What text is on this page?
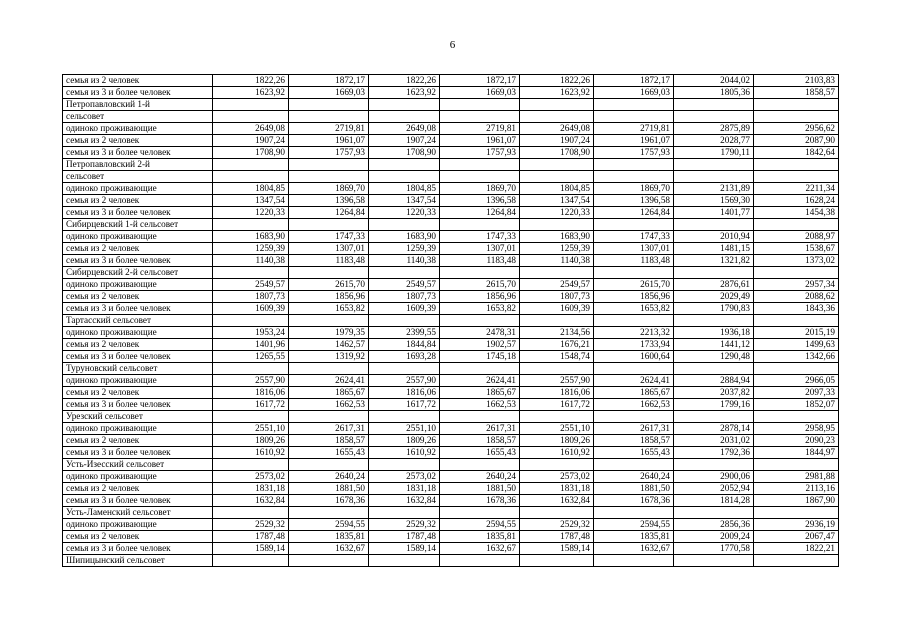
6
семья из 2 человек	1822,26	1872,17	1822,26	1872,17	1822,26	1872,17	2044,02	2103,83
семья из 3 и более человек	1623,92	1669,03	1623,92	1669,03	1623,92	1669,03	1805,36	1858,57
Петропавловский 1-й								
сельсовет								
одиноко проживающие	2649,08	2719,81	2649,08	2719,81	2649,08	2719,81	2875,89	2956,62
семья из 2 человек	1907,24	1961,07	1907,24	1961,07	1907,24	1961,07	2028,77	2087,90
семья из 3 и более человек	1708,90	1757,93	1708,90	1757,93	1708,90	1757,93	1790,11	1842,64
Петропавловский 2-й								
сельсовет								
одиноко проживающие	1804,85	1869,70	1804,85	1869,70	1804,85	1869,70	2131,89	2211,34
семья из 2 человек	1347,54	1396,58	1347,54	1396,58	1347,54	1396,58	1569,30	1628,24
семья из 3 и более человек	1220,33	1264,84	1220,33	1264,84	1220,33	1264,84	1401,77	1454,38
Сибирцевский 1-й сельсовет								
одиноко проживающие	1683,90	1747,33	1683,90	1747,33	1683,90	1747,33	2010,94	2088,97
семья из 2 человек	1259,39	1307,01	1259,39	1307,01	1259,39	1307,01	1481,15	1538,67
семья из 3 и более человек	1140,38	1183,48	1140,38	1183,48	1140,38	1183,48	1321,82	1373,02
Сибирцевский 2-й сельсовет								
одиноко проживающие	2549,57	2615,70	2549,57	2615,70	2549,57	2615,70	2876,61	2957,34
семья из 2 человек	1807,73	1856,96	1807,73	1856,96	1807,73	1856,96	2029,49	2088,62
семья из 3 и более человек	1609,39	1653,82	1609,39	1653,82	1609,39	1653,82	1790,83	1843,36
Тартасский сельсовет								
одиноко проживающие	1953,24	1979,35	2399,55	2478,31	2134,56	2213,32	1936,18	2015,19
семья из 2 человек	1401,96	1462,57	1844,84	1902,57	1676,21	1733,94	1441,12	1499,63
семья из 3 и более человек	1265,55	1319,92	1693,28	1745,18	1548,74	1600,64	1290,48	1342,66
Туруновский сельсовет								
одиноко проживающие	2557,90	2624,41	2557,90	2624,41	2557,90	2624,41	2884,94	2966,05
семья из 2 человек	1816,06	1865,67	1816,06	1865,67	1816,06	1865,67	2037,82	2097,33
семья из 3 и более человек	1617,72	1662,53	1617,72	1662,53	1617,72	1662,53	1799,16	1852,07
Урезский сельсовет								
одиноко проживающие	2551,10	2617,31	2551,10	2617,31	2551,10	2617,31	2878,14	2958,95
семья из 2 человек	1809,26	1858,57	1809,26	1858,57	1809,26	1858,57	2031,02	2090,23
семья из 3 и более человек	1610,92	1655,43	1610,92	1655,43	1610,92	1655,43	1792,36	1844,97
Усть-Изесский сельсовет								
одиноко проживающие	2573,02	2640,24	2573,02	2640,24	2573,02	2640,24	2900,06	2981,88
семья из 2 человек	1831,18	1881,50	1831,18	1881,50	1831,18	1881,50	2052,94	2113,16
семья из 3 и более человек	1632,84	1678,36	1632,84	1678,36	1632,84	1678,36	1814,28	1867,90
Усть-Ламенский сельсовет								
одиноко проживающие	2529,32	2594,55	2529,32	2594,55	2529,32	2594,55	2856,36	2936,19
семья из 2 человек	1787,48	1835,81	1787,48	1835,81	1787,48	1835,81	2009,24	2067,47
семья из 3 и более человек	1589,14	1632,67	1589,14	1632,67	1589,14	1632,67	1770,58	1822,21
Шипицынский сельсовет								
